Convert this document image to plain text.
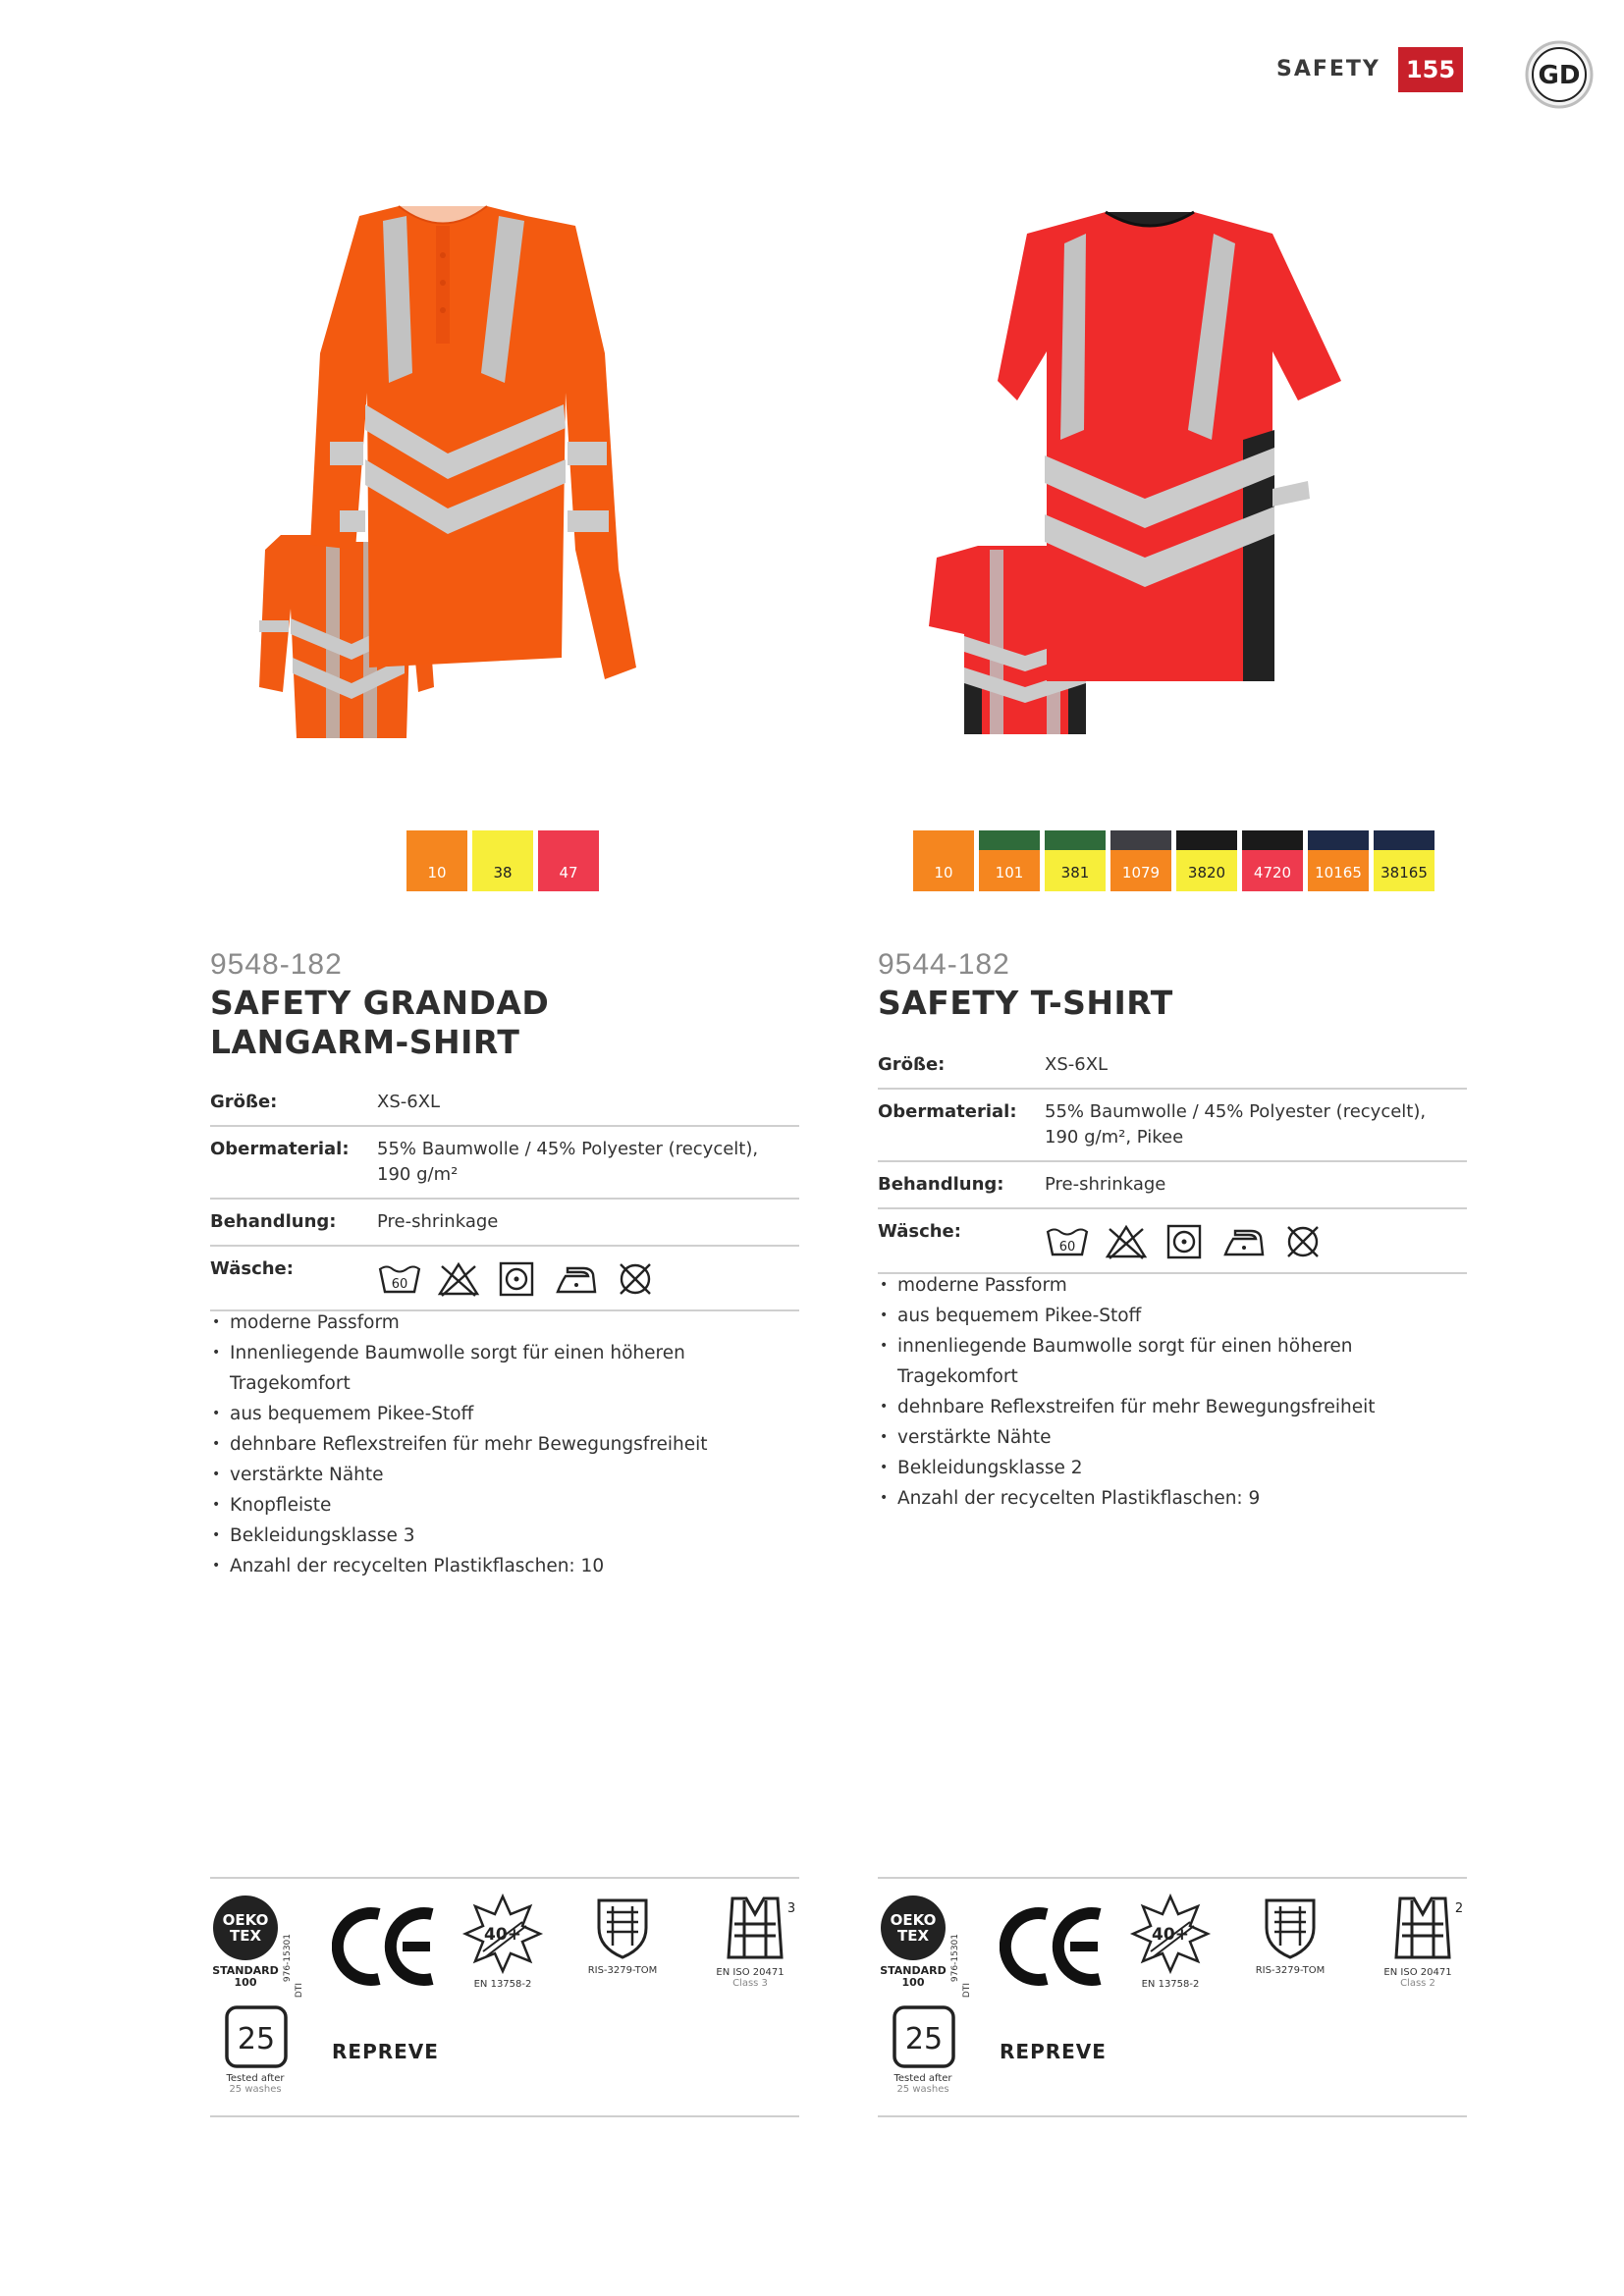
SAFETY	155	GD
10	38	47
9548-182
SAFETY GRANDAD
LANGARM-SHIRT
Größe:	XS-6XL
Obermaterial:	55% Baumwolle / 45% Polyester (recycelt), 190 g/m²
Behandlung:	Pre-shrinkage
Wäsche:
60
• moderne Passform
• Innenliegende Baumwolle sorgt für einen höheren Tragekomfort
• aus bequemem Pikee-Stoff
• dehnbare Reflexstreifen für mehr Bewegungsfreiheit
• verstärkte Nähte
• Knopfleiste
• Bekleidungsklasse 3
• Anzahl der recycelten Plastikflaschen: 10
OEKO
TEX
STANDARD
100
976-15301
DTI
40+
EN 13758-2
RIS-3279-TOM
3
EN ISO 20471
Class 3
25
Tested after
25 washes
REPREVE
10	101	381	1079	3820	4720	10165	38165
9544-182
SAFETY T-SHIRT
Größe:	XS-6XL
Obermaterial:	55% Baumwolle / 45% Polyester (recycelt), 190 g/m², Pikee
Behandlung:	Pre-shrinkage
Wäsche:
60
• moderne Passform
• aus bequemem Pikee-Stoff
• innenliegende Baumwolle sorgt für einen höheren Tragekomfort
• dehnbare Reflexstreifen für mehr Bewegungsfreiheit
• verstärkte Nähte
• Bekleidungsklasse 2
• Anzahl der recycelten Plastikflaschen: 9
OEKO
TEX
STANDARD
100
976-15301
DTI
40+
EN 13758-2
RIS-3279-TOM
2
EN ISO 20471
Class 2
25
Tested after
25 washes
REPREVE
